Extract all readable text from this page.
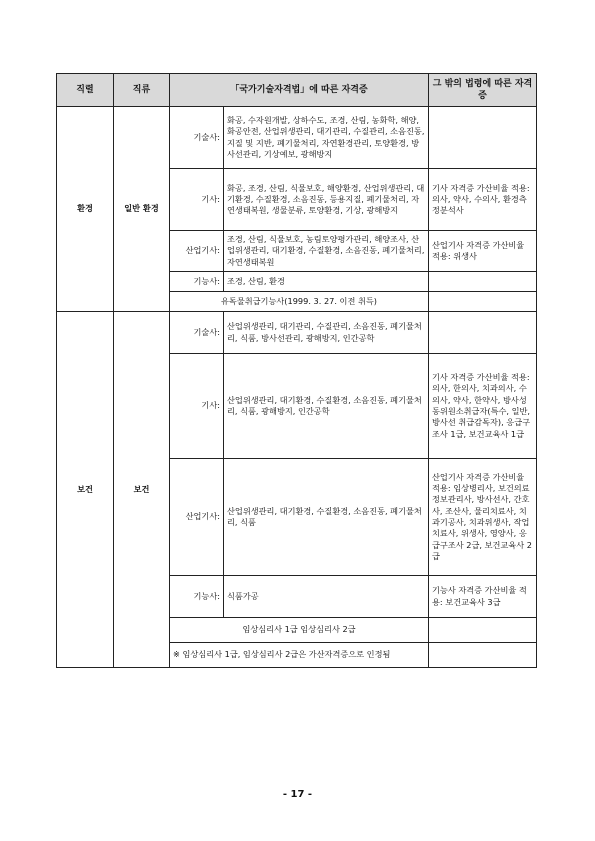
직렬	직류	「국가기술자격법」에 따른 자격증		그 밖의 법령에 따른 자격증
환경	일반 환경	기술사:	화공, 수자원개발, 상하수도, 조경, 산림, 농화학, 해양, 화공안전, 산업위생관리, 대기관리, 수질관리, 소음진동, 지질 및 지반, 폐기물처리, 자연환경관리, 토양환경, 방사선관리, 기상예보, 광해방지	
		기사:	화공, 조경, 산림, 식물보호, 해양환경, 산업위생관리, 대기환경, 수질환경, 소음진동, 등용지질, 폐기물처리, 자연생태복원, 생물분류, 토양환경, 기상, 광해방지	기사 자격증 가산비율 적용: 의사, 약사, 수의사, 환경측정분석사
		산업기사:	조경, 산림, 식물보호, 농림토양평가관리, 해양조사, 산업위생관리, 대기환경, 수질환경, 소음진동, 폐기물처리, 자연생태복원	산업기사 자격증 가산비율 적용: 위생사
		기능사:	조경, 산림, 환경	
		유독물취급기능사(1999. 3. 27. 이전 취득)		
보건	보건	기술사:	산업위생관리, 대기관리, 수질관리, 소음진동, 폐기물처리, 식품, 방사선관리, 광해방지, 인간공학	
		기사:	산업위생관리, 대기환경, 수질환경, 소음진동, 폐기물처리, 식품, 광해방지, 인간공학	기사 자격증 가산비율 적용: 의사, 한의사, 치과의사, 수의사, 약사, 한약사, 방사성동위원소취급자(특수, 일반, 방사선 취급감독자), 응급구조사 1급, 보건교육사 1급
		산업기사:	산업위생관리, 대기환경, 수질환경, 소음진동, 폐기물처리, 식품	산업기사 자격증 가산비율 적용: 임상병리사, 보건의료정보관리사, 방사선사, 간호사, 조산사, 물리치료사, 치과기공사, 치과위생사, 작업치료사, 위생사, 영양사, 응급구조사 2급, 보건교육사 2급
		기능사:	식품가공	기능사 자격증 가산비율 적용: 보건교육사 3급
		임상심리사 1급 임상심리사 2급		
		※ 임상심리사 1급, 임상심리사 2급은 가산자격증으로 인정됨		
- 17 -
